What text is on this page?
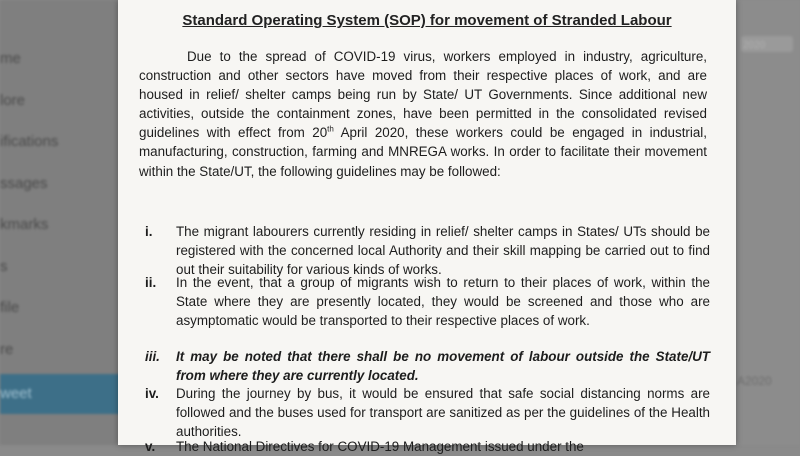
me
lore
ifications
ssages
kmarks
s
file
re
weet
2020
A2020
Standard Operating System (SOP) for movement of Stranded Labour
Due to the spread of COVID-19 virus, workers employed in industry, agriculture, construction and other sectors have moved from their respective places of work, and are housed in relief/ shelter camps being run by State/ UT Governments. Since additional new activities, outside the containment zones, have been permitted in the consolidated revised guidelines with effect from 20th April 2020, these workers could be engaged in industrial, manufacturing, construction, farming and MNREGA works. In order to facilitate their movement within the State/UT, the following guidelines may be followed:
i.	The migrant labourers currently residing in relief/ shelter camps in States/ UTs should be registered with the concerned local Authority and their skill mapping be carried out to find out their suitability for various kinds of works.
ii.	In the event, that a group of migrants wish to return to their places of work, within the State where they are presently located, they would be screened and those who are asymptomatic would be transported to their respective places of work.
iii.	It may be noted that there shall be no movement of labour outside the State/UT from where they are currently located.
iv.	During the journey by bus, it would be ensured that safe social distancing norms are followed and the buses used for transport are sanitized as per the guidelines of the Health authorities.
v.	The National Directives for COVID-19 Management issued under the
